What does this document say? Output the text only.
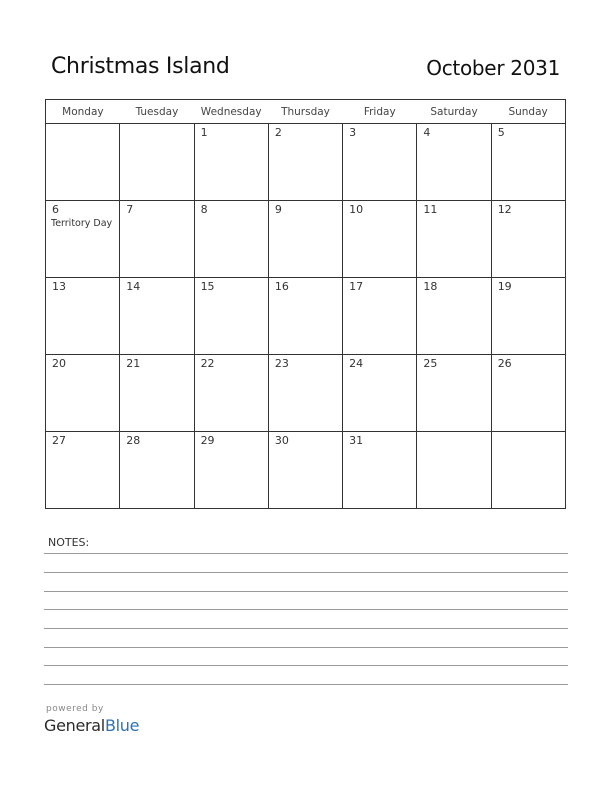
Christmas Island	October 2031
Monday	Tuesday	Wednesday	Thursday	Friday	Saturday	Sunday

		1	2	3	4	5

6
Territory Day	7	8	9	10	11	12

13	14	15	16	17	18	19

20	21	22	23	24	25	26

27	28	29	30	31		

NOTES:
powered by
GeneralBlue
